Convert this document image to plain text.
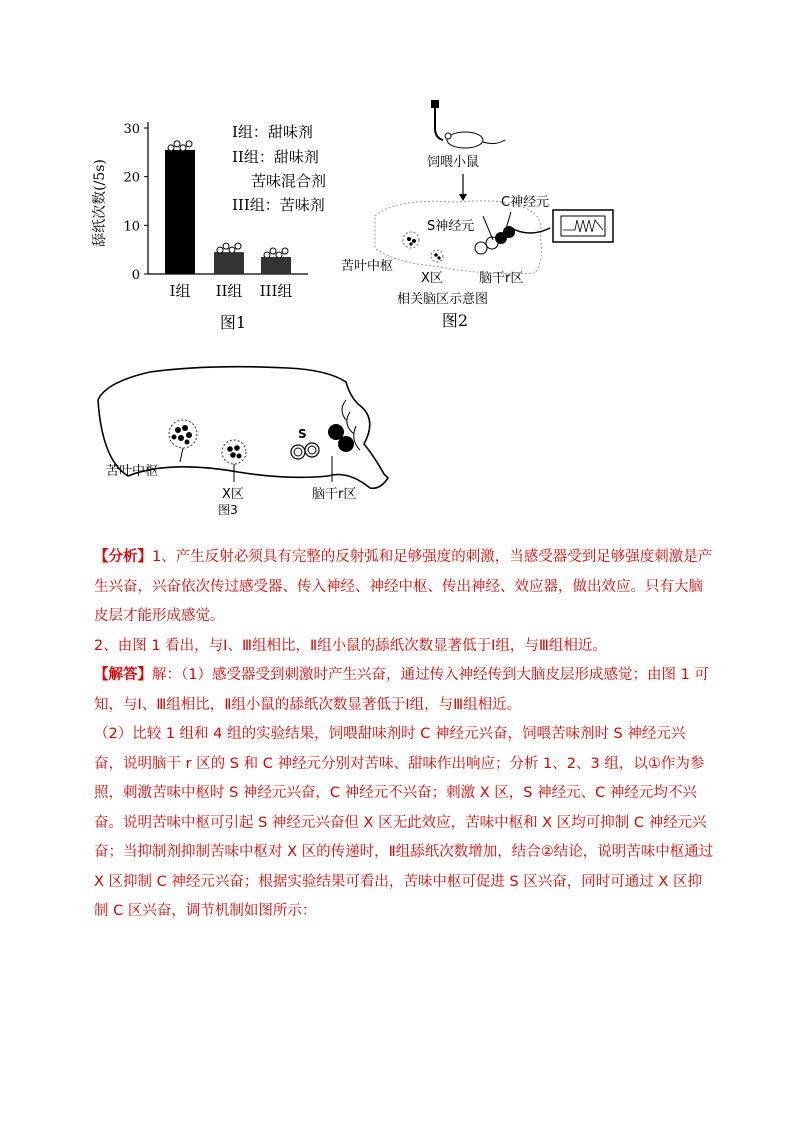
舔纸次数(/5s)
0
10
20
30
I组 II组 III组
I组：甜味剂
II组：甜味剂
苦味混合剂
III组：苦味剂
图1
饲喂小鼠
S神经元
C神经元
苦叶中枢
X区	脑干r区
相关脑区示意图
图2
S
苦叶中枢
X区	脑干r区
图3

【分析】1、产生反射必须具有完整的反射弧和足够强度的刺激，当感受器受到足够强度刺激是产生兴奋，兴奋依次传过感受器、传入神经、神经中枢、传出神经、效应器，做出效应。只有大脑皮层才能形成感觉。

2、由图 1 看出，与Ⅰ、Ⅲ组相比，Ⅱ组小鼠的舔纸次数显著低于Ⅰ组，与Ⅲ组相近。

【解答】解：（1）感受器受到刺激时产生兴奋，通过传入神经传到大脑皮层形成感觉；由图 1 可知，与Ⅰ、Ⅲ组相比，Ⅱ组小鼠的舔纸次数显著低于Ⅰ组，与Ⅲ组相近。

（2）比较 1 组和 4 组的实验结果，饲喂甜味剂时 C 神经元兴奋，饲喂苦味剂时 S 神经元兴奋，说明脑干 r 区的 S 和 C 神经元分别对苦味、甜味作出响应；分析 1、2、3 组，以①作为参照，刺激苦味中枢时 S 神经元兴奋，C 神经元不兴奋；刺激 X 区，S 神经元、C 神经元均不兴奋。说明苦味中枢可引起 S 神经元兴奋但 X 区无此效应，苦味中枢和 X 区均可抑制 C 神经元兴奋；当抑制剂抑制苦味中枢对 X 区的传递时，Ⅱ组舔纸次数增加，结合②结论，说明苦味中枢通过 X 区抑制 C 神经元兴奋；根据实验结果可看出，苦味中枢可促进 S 区兴奋，同时可通过 X 区抑制 C 区兴奋，调节机制如图所示：
